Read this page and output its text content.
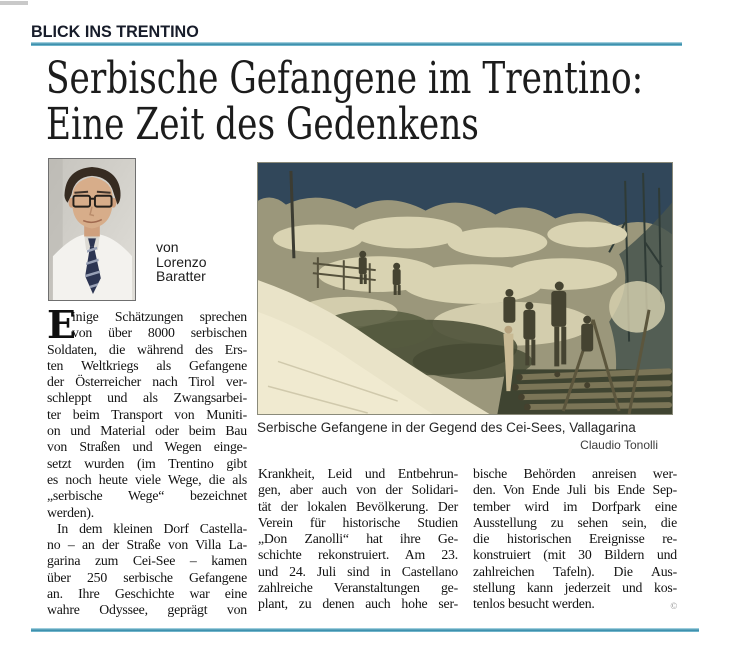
BLICK INS TRENTINO
Serbische Gefangene im Trentino:
Eine Zeit des Gedenkens
von
Lorenzo
Baratter
Serbische Gefangene in der Gegend des Cei-Sees, Vallagarina
Claudio Tonolli
E
inige Schätzungen sprechen
von über 8000 serbischen
Soldaten, die während des Ers-
ten Weltkriegs als Gefangene
der Österreicher nach Tirol ver-
schleppt und als Zwangsarbei-
ter beim Transport von Muniti-
on und Material oder beim Bau
von Straßen und Wegen einge-
setzt wurden (im Trentino gibt
es noch heute viele Wege, die als
„serbische Wege“ bezeichnet
werden).
In dem kleinen Dorf Castella-
no – an der Straße von Villa La-
garina zum Cei-See – kamen
über 250 serbische Gefangene
an. Ihre Geschichte war eine
wahre Odyssee, geprägt von
Krankheit, Leid und Entbehrun-
gen, aber auch von der Solidari-
tät der lokalen Bevölkerung. Der
Verein für historische Studien
„Don Zanolli“ hat ihre Ge-
schichte rekonstruiert. Am 23.
und 24. Juli sind in Castellano
zahlreiche Veranstaltungen ge-
plant, zu denen auch hohe ser-
bische Behörden anreisen wer-
den. Von Ende Juli bis Ende Sep-
tember wird im Dorfpark eine
Ausstellung zu sehen sein, die
die historischen Ereignisse re-
konstruiert (mit 30 Bildern und
zahlreichen Tafeln). Die Aus-
stellung kann jederzeit und kos-
©
tenlos besucht werden.
